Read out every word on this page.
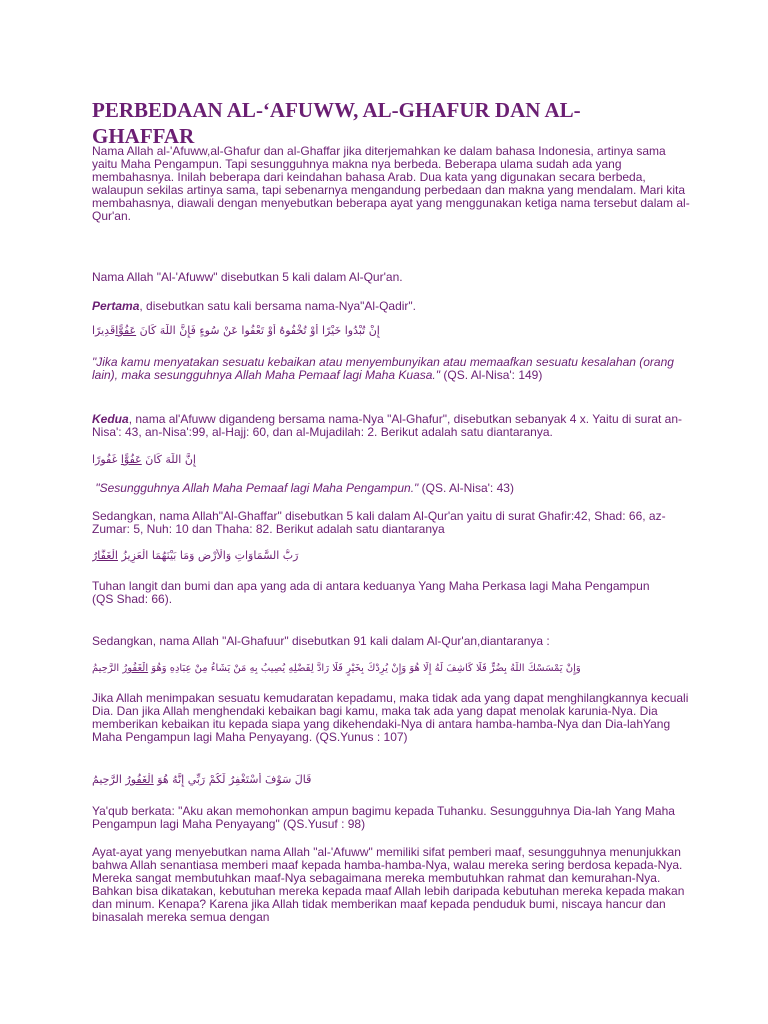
PERBEDAAN AL-‘AFUWW, AL-GHAFUR DAN AL-GHAFFAR

Nama Allah al-'Afuww,al-Ghafur dan al-Ghaffar jika diterjemahkan ke dalam bahasa Indonesia, artinya sama yaitu Maha Pengampun. Tapi sesungguhnya makna nya berbeda. Beberapa ulama sudah ada yang membahasnya. Inilah beberapa dari keindahan bahasa Arab. Dua kata yang digunakan secara berbeda, walaupun sekilas artinya sama, tapi sebenarnya mengandung perbedaan dan makna yang mendalam. Mari kita membahasnya, diawali dengan menyebutkan beberapa ayat yang menggunakan ketiga nama tersebut dalam al-Qur'an.

Nama Allah "Al-'Afuww" disebutkan 5 kali dalam Al-Qur'an.

Pertama, disebutkan satu kali bersama nama-Nya"Al-Qadir".

إِنْ تُبْدُوا خَيْرًا أَوْ تُخْفُوهُ أَوْ تَعْفُوا عَنْ سُوءٍ فَإِنَّ اللَّهَ كَانَ عَفُوًّاقَدِيرًا

"Jika kamu menyatakan sesuatu kebaikan atau menyembunyikan atau memaafkan sesuatu kesalahan (orang lain), maka sesungguhnya Allah Maha Pemaaf lagi Maha Kuasa." (QS. Al-Nisa': 149)

Kedua, nama al'Afuww digandeng bersama nama-Nya "Al-Ghafur", disebutkan sebanyak 4 x. Yaitu di surat an-Nisa': 43, an-Nisa':99, al-Hajj: 60, dan al-Mujadilah: 2. Berikut adalah satu diantaranya.

إِنَّ اللَّهَ كَانَ عَفُوًّا غَفُورًا

"Sesungguhnya Allah Maha Pemaaf lagi Maha Pengampun." (QS. Al-Nisa': 43)

Sedangkan, nama Allah"Al-Ghaffar" disebutkan 5 kali dalam Al-Qur'an yaitu di surat Ghafir:42, Shad: 66, az-Zumar: 5, Nuh: 10 dan Thaha: 82. Berikut adalah satu diantaranya

رَبُّ السَّمَاوَاتِ وَالْأَرْضِ وَمَا بَيْنَهُمَا الْعَزِيزُ الْغَفَّارُ

Tuhan langit dan bumi dan apa yang ada di antara keduanya Yang Maha Perkasa lagi Maha Pengampun
(QS Shad: 66).

Sedangkan, nama Allah "Al-Ghafuur" disebutkan 91 kali dalam Al-Qur'an,diantaranya :

وَإِنْ يَمْسَسْكَ اللَّهُ بِضُرٍّ فَلَا كَاشِفَ لَهُ إِلَّا هُوَ وَإِنْ يُرِدْكَ بِخَيْرٍ فَلَا رَادَّ لِفَضْلِهِ يُصِيبُ بِهِ مَنْ يَشَاءُ مِنْ عِبَادِهِ وَهُوَ الْغَفُورُ الرَّحِيمُ

Jika Allah menimpakan sesuatu kemudaratan kepadamu, maka tidak ada yang dapat menghilangkannya kecuali Dia. Dan jika Allah menghendaki kebaikan bagi kamu, maka tak ada yang dapat menolak karunia-Nya. Dia memberikan kebaikan itu kepada siapa yang dikehendaki-Nya di antara hamba-hamba-Nya dan Dia-lahYang Maha Pengampun lagi Maha Penyayang. (QS.Yunus : 107)

قَالَ سَوْفَ أَسْتَغْفِرُ لَكُمْ رَبِّي إِنَّهُ هُوَ الْغَفُورُ الرَّحِيمُ

Ya'qub berkata: "Aku akan memohonkan ampun bagimu kepada Tuhanku. Sesungguhnya Dia-lah Yang Maha Pengampun lagi Maha Penyayang" (QS.Yusuf : 98)

Ayat-ayat yang menyebutkan nama Allah "al-'Afuww" memiliki sifat pemberi maaf, sesungguhnya menunjukkan bahwa Allah senantiasa memberi maaf kepada hamba-hamba-Nya, walau mereka sering berdosa kepada-Nya. Mereka sangat membutuhkan maaf-Nya sebagaimana mereka membutuhkan rahmat dan kemurahan-Nya. Bahkan bisa dikatakan, kebutuhan mereka kepada maaf Allah lebih daripada kebutuhan mereka kepada makan dan minum. Kenapa? Karena jika Allah tidak memberikan maaf kepada penduduk bumi, niscaya hancur dan binasalah mereka semua dengan
